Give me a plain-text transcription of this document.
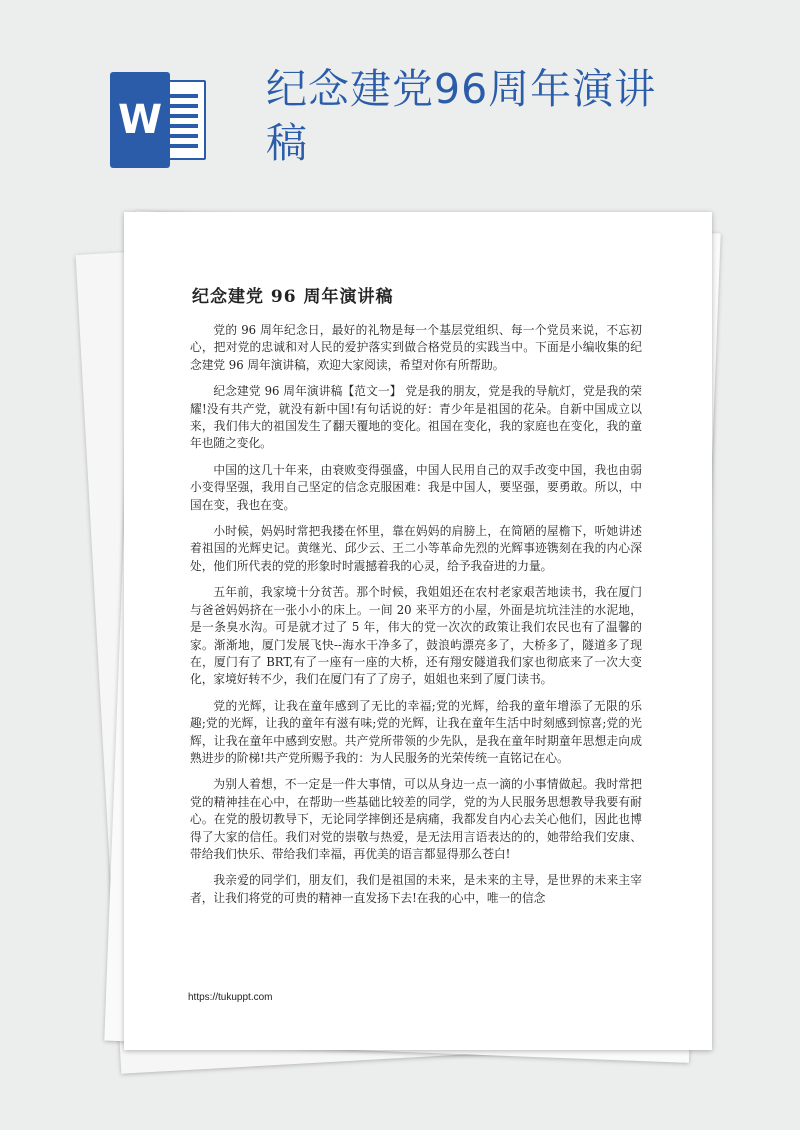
W
纪念建党96周年演讲稿
纪念建党 96 周年演讲稿

党的 96 周年纪念日，最好的礼物是每一个基层党组织、每一个党员来说，不忘初心，把对党的忠诚和对人民的爱护落实到做合格党员的实践当中。下面是小编收集的纪念建党 96 周年演讲稿，欢迎大家阅读，希望对你有所帮助。

纪念建党 96 周年演讲稿【范文一】 党是我的朋友，党是我的导航灯，党是我的荣耀!没有共产党，就没有新中国!有句话说的好：青少年是祖国的花朵。自新中国成立以来，我们伟大的祖国发生了翻天覆地的变化。祖国在变化，我的家庭也在变化，我的童年也随之变化。

中国的这几十年来，由衰败变得强盛，中国人民用自己的双手改变中国，我也由弱小变得坚强，我用自己坚定的信念克服困难：我是中国人，要坚强，要勇敢。所以，中国在变，我也在变。

小时候，妈妈时常把我搂在怀里，靠在妈妈的肩膀上，在简陋的屋檐下，听她讲述着祖国的光辉史记。黄继光、邱少云、王二小等革命先烈的光辉事迹镌刻在我的内心深处，他们所代表的党的形象时时震撼着我的心灵，给予我奋进的力量。

五年前，我家境十分贫苦。那个时候，我姐姐还在农村老家艰苦地读书，我在厦门与爸爸妈妈挤在一张小小的床上。一间 20 来平方的小屋，外面是坑坑洼洼的水泥地，是一条臭水沟。可是就才过了 5 年，伟大的党一次次的政策让我们农民也有了温馨的家。渐渐地，厦门发展飞快--海水干净多了，鼓浪屿漂亮多了，大桥多了，隧道多了现在，厦门有了 BRT,有了一座有一座的大桥，还有翔安隧道我们家也彻底来了一次大变化，家境好转不少，我们在厦门有了了房子，姐姐也来到了厦门读书。

党的光辉，让我在童年感到了无比的幸福;党的光辉，给我的童年增添了无限的乐趣;党的光辉，让我的童年有滋有味;党的光辉，让我在童年生活中时刻感到惊喜;党的光辉，让我在童年中感到安慰。共产党所带领的少先队，是我在童年时期童年思想走向成熟进步的阶梯!共产党所赐予我的：为人民服务的光荣传统一直铭记在心。

为别人着想，不一定是一件大事情，可以从身边一点一滴的小事情做起。我时常把党的精神挂在心中，在帮助一些基础比较差的同学，党的为人民服务思想教导我要有耐心。在党的殷切教导下，无论同学摔倒还是病痛，我都发自内心去关心他们，因此也博得了大家的信任。我们对党的崇敬与热爱，是无法用言语表达的的，她带给我们安康、带给我们快乐、带给我们幸福，再优美的语言都显得那么苍白!

我亲爱的同学们，朋友们，我们是祖国的未来，是未来的主导，是世界的未来主宰者，让我们将党的可贵的精神一直发扬下去!在我的心中，唯一的信念

https://tukuppt.com
